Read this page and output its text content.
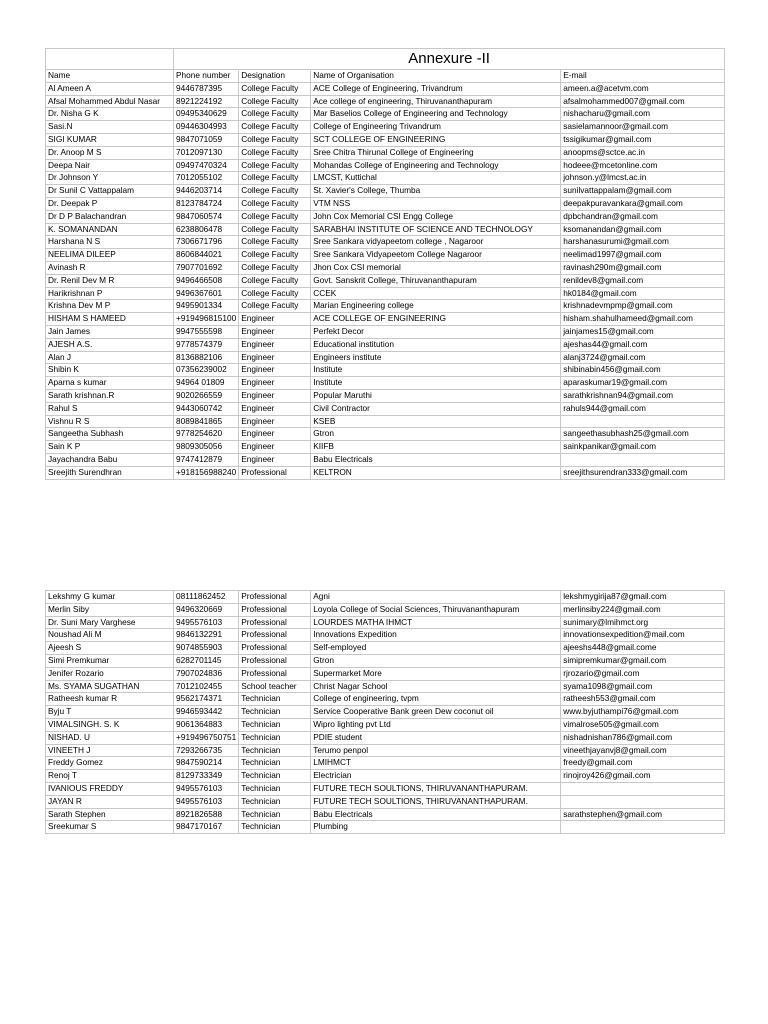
	Annexure -II			
Name	Phone number	Designation	Name of Organisation	E-mail
Al Ameen A	9446787395	College Faculty	ACE College of Engineering, Trivandrum	ameen.a@acetvm.com
Afsal Mohammed Abdul Nasar	8921224192	College Faculty	Ace college of engineering, Thiruvananthapuram	afsalmohammed007@gmail.com
Dr. Nisha G K	09495340629	College Faculty	Mar Baselios College of Engineering and Technology	nishacharu@gmail.com
Sasi.N	09446304993	College Faculty	College of Engineering Trivandrum	sasielamannoor@gmail.com
SIGI KUMAR	9847071059	College Faculty	SCT COLLEGE OF ENGINEERING	tssigikumar@gmail.com
Dr. Anoop M S	7012097130	College Faculty	Sree Chitra Thirunal College of Engineering	anoopms@sctce.ac.in
Deepa Nair	09497470324	College Faculty	Mohandas College of Engineering and Technology	hodeee@mcetonline.com
Dr Johnson Y	7012055102	College Faculty	LMCST, Kuttichal	johnson.y@lmcst.ac.in
Dr Sunil C Vattappalam	9446203714	College Faculty	St. Xavier's College, Thumba	sunilvattappalam@gmail.com
Dr. Deepak P	8123784724	College Faculty	VTM NSS	deepakpuravankara@gmail.com
Dr D P Balachandran	9847060574	College Faculty	John Cox Memorial CSI Engg College	dpbchandran@gmail.com
K. SOMANANDAN	6238806478	College Faculty	SARABHAI INSTITUTE OF SCIENCE AND TECHNOLOGY	ksomanandan@gmail.com
Harshana N S	7306671796	College Faculty	Sree Sankara vidyapeetom college , Nagaroor	harshanasurumi@gmail.com
NEELIMA DILEEP	8606844021	College Faculty	Sree Sankara Vidyapeetom College Nagaroor	neelimad1997@gmail.com
Avinash R	7907701692	College Faculty	Jhon Cox CSI memorial	ravinash290m@gmail.com
Dr. Renil Dev M R	9496466508	College Faculty	Govt. Sanskrit College, Thiruvananthapuram	renildev8@gmail.com
Harikrishnan P	9496367601	College Faculty	CCEK	hk0184@gmail.com
Krishna Dev M P	9495901334	College Faculty	Marian Engineering college	krishnadevmpmp@gmail.com
HISHAM S HAMEED	+919496815100	Engineer	ACE COLLEGE OF ENGINEERING	hisham.shahulhameed@gmail.com
Jain James	9947555598	Engineer	Perfekt Decor	jainjames15@gmail.com
AJESH A.S.	9778574379	Engineer	Educational institution	ajeshas44@gmail.com
Alan J	8136882106	Engineer	Engineers institute	alanj3724@gmail.com
Shibin K	07356239002	Engineer	Institute	shibinabin456@gmail.com
Aparna s kumar	94964 01809	Engineer	Institute	aparaskumar19@gmail.com
Sarath krishnan.R	9020266559	Engineer	Popular Maruthi	sarathkrishnan94@gmail.com
Rahul S	9443060742	Engineer	Civil Contractor	rahuls944@gmail.com
Vishnu R S	8089841865	Engineer	KSEB	
Sangeetha Subhash	9778254620	Engineer	Gtron	sangeethasubhash25@gmail.com
Sain K P	9809305056	Engineer	KIIFB	sainkpanikar@gmail.com
Jayachandra Babu	9747412879	Engineer	Babu Electricals	
Sreejith Surendhran	+918156988240	Professional	KELTRON	sreejithsurendran333@gmail.com
Lekshmy G kumar	08111862452	Professional	Agni	lekshmygirija87@gmail.com
Merlin Siby	9496320669	Professional	Loyola College of Social Sciences, Thiruvananthapuram	merlinsiby224@gmail.com
Dr. Suni Mary Varghese	9495576103	Professional	LOURDES MATHA IHMCT	sunimary@lmihmct.org
Noushad Ali M	9846132291	Professional	Innovations Expedition	innovationsexpedition@mail.com
Ajeesh S	9074855903	Professional	Self-employed	ajeeshs448@gmail.come
Simi Premkumar	6282701145	Professional	Gtron	simipremkumar@gmail.com
Jenifer Rozario	7907024836	Professional	Supermarket More	rjrozario@gmail.com
Ms. SYAMA SUGATHAN	7012102455	School teacher	Christ Nagar School	syama1098@gmail.com
Ratheesh kumar R	9562174371	Technician	College of engineering, tvpm	ratheesh553@gmail.com
Byju T	9946593442	Technician	Service Cooperative Bank green Dew coconut oil	www.byjuthampi76@gmail.com
VIMALSINGH. S. K	9061364883	Technician	Wipro lighting pvt Ltd	vimalrose505@gmail.com
NISHAD. U	+919496750751	Technician	PDIE student	nishadnishan786@gmail.com
VINEETH J	7293266735	Technician	Terumo penpol	vineethjayanvj8@gmail.com
Freddy Gomez	9847590214	Technician	LMIHMCT	freedy@gmail.com
Renoj T	8129733349	Technician	Electrician	rinojroy426@gmail.com
IVANIOUS FREDDY	9495576103	Technician	FUTURE TECH SOULTIONS, THIRUVANANTHAPURAM.	
JAYAN R	9495576103	Technician	FUTURE TECH SOULTIONS, THIRUVANANTHAPURAM.	
Sarath Stephen	8921826588	Technician	Babu Electricals	sarathstephen@gmail.com
Sreekumar S	9847170167	Technician	Plumbing	
